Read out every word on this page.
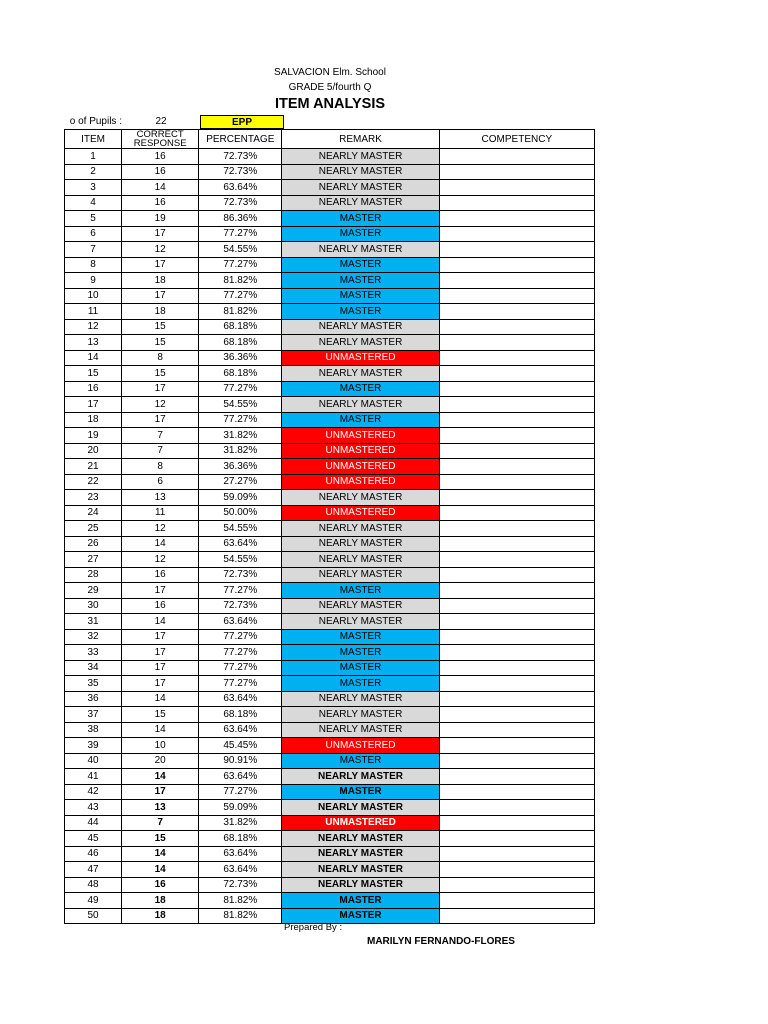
SALVACION Elm. School
GRADE 5/fourth Q
ITEM ANALYSIS
o of Pupils :	22	EPP
ITEM	CORRECT RESPONSE	PERCENTAGE	REMARK	COMPETENCY
1	16	72.73%	NEARLY MASTER	
2	16	72.73%	NEARLY MASTER	
3	14	63.64%	NEARLY MASTER	
4	16	72.73%	NEARLY MASTER	
5	19	86.36%	MASTER	
6	17	77.27%	MASTER	
7	12	54.55%	NEARLY MASTER	
8	17	77.27%	MASTER	
9	18	81.82%	MASTER	
10	17	77.27%	MASTER	
11	18	81.82%	MASTER	
12	15	68.18%	NEARLY MASTER	
13	15	68.18%	NEARLY MASTER	
14	8	36.36%	UNMASTERED	
15	15	68.18%	NEARLY MASTER	
16	17	77.27%	MASTER	
17	12	54.55%	NEARLY MASTER	
18	17	77.27%	MASTER	
19	7	31.82%	UNMASTERED	
20	7	31.82%	UNMASTERED	
21	8	36.36%	UNMASTERED	
22	6	27.27%	UNMASTERED	
23	13	59.09%	NEARLY MASTER	
24	11	50.00%	UNMASTERED	
25	12	54.55%	NEARLY MASTER	
26	14	63.64%	NEARLY MASTER	
27	12	54.55%	NEARLY MASTER	
28	16	72.73%	NEARLY MASTER	
29	17	77.27%	MASTER	
30	16	72.73%	NEARLY MASTER	
31	14	63.64%	NEARLY MASTER	
32	17	77.27%	MASTER	
33	17	77.27%	MASTER	
34	17	77.27%	MASTER	
35	17	77.27%	MASTER	
36	14	63.64%	NEARLY MASTER	
37	15	68.18%	NEARLY MASTER	
38	14	63.64%	NEARLY MASTER	
39	10	45.45%	UNMASTERED	
40	20	90.91%	MASTER	
41	14	63.64%	NEARLY MASTER	
42	17	77.27%	MASTER	
43	13	59.09%	NEARLY MASTER	
44	7	31.82%	UNMASTERED	
45	15	68.18%	NEARLY MASTER	
46	14	63.64%	NEARLY MASTER	
47	14	63.64%	NEARLY MASTER	
48	16	72.73%	NEARLY MASTER	
49	18	81.82%	MASTER	
50	18	81.82%	MASTER	
Prepared By :
MARILYN FERNANDO-FLORES
